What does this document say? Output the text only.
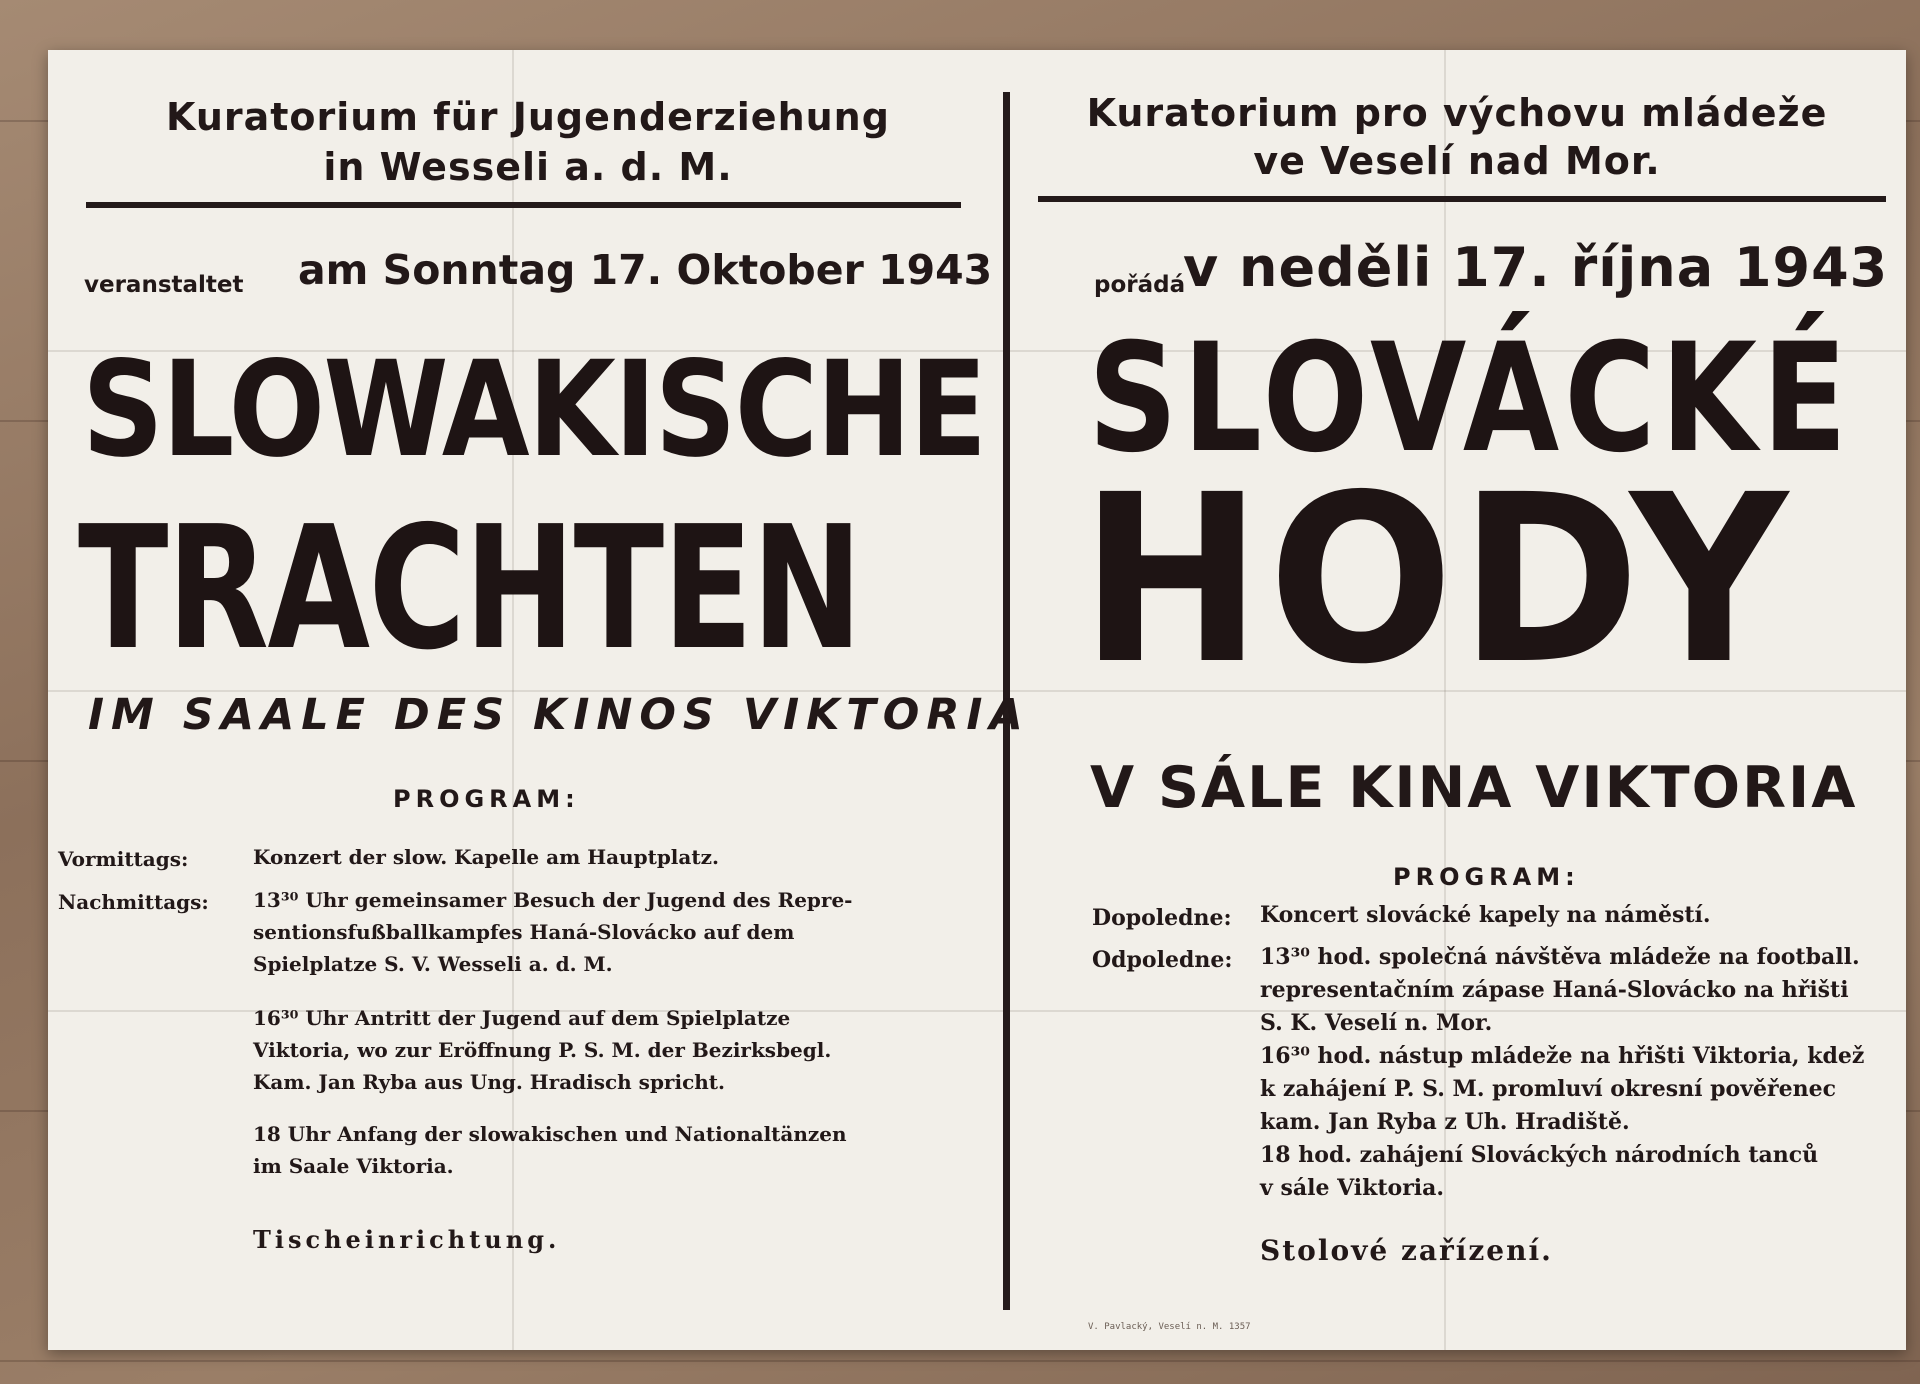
Kuratorium für Jugenderziehung
in Wesseli a. d. M.
veranstaltet am Sonntag 17. Oktober 1943
SLOWAKISCHE
TRACHTEN
IM SAALE DES KINOS VIKTORIA
PROGRAM:
Vormittags:	Konzert der slow. Kapelle am Hauptplatz.
Nachmittags: 13³⁰ Uhr gemeinsamer Besuch der Jugend des Repre-
sentionsfußballkampfes Haná-Slovácko auf dem
Spielplatze S. V. Wesseli a. d. M.
16³⁰ Uhr Antritt der Jugend auf dem Spielplatze
Viktoria, wo zur Eröffnung P. S. M. der Bezirksbegl.
Kam. Jan Ryba aus Ung. Hradisch spricht.
18 Uhr Anfang der slowakischen und Nationaltänzen
im Saale Viktoria.
Tischeinrichtung.
Kuratorium pro výchovu mládeže
ve Veselí nad Mor.
pořádá
v neděli 17. října 1943
SLOVÁCKÉ
HODY
V SÁLE KINA VIKTORIA
PROGRAM:
Dopoledne: Koncert slovácké kapely na náměstí.
Odpoledne: 13³⁰ hod. společná návštěva mládeže na football.
representačním zápase Haná-Slovácko na hřišti
S. K. Veselí n. Mor.
16³⁰ hod. nástup mládeže na hřišti Viktoria, kdež
k zahájení P. S. M. promluví okresní pověřenec
kam. Jan Ryba z Uh. Hradiště.
18 hod. zahájení Slováckých národních tanců
v sále Viktoria.
Stolové zařízení.
V. Pavlacký, Veselí n. M. 1357
